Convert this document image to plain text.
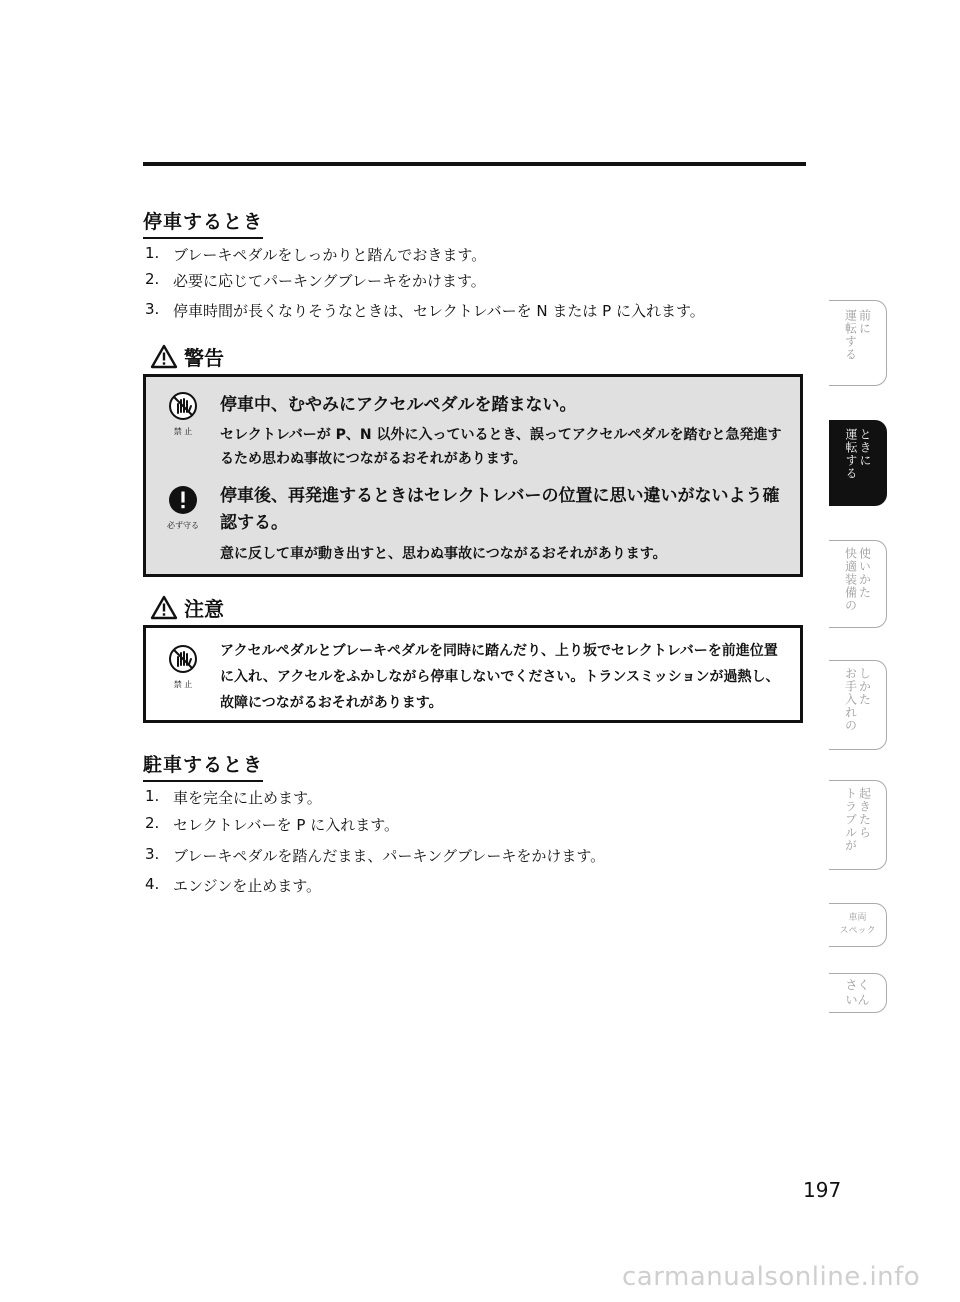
停車するとき
1. ブレーキペダルをしっかりと踏んでおきます。
2. 必要に応じてパーキングブレーキをかけます。
3. 停車時間が長くなりそうなときは、セレクトレバーを N または P に入れます。
警告
禁 止
停車中、むやみにアクセルペダルを踏まない。
セレクトレバーが P、N 以外に入っているとき、誤ってアクセルペダルを踏むと急発進するため思わぬ事故につながるおそれがあります。
必ず守る
停車後、再発進するときはセレクトレバーの位置に思い違いがないよう確認する。
意に反して車が動き出すと、思わぬ事故につながるおそれがあります。
注意
禁 止
アクセルペダルとブレーキペダルを同時に踏んだり、上り坂でセレクトレバーを前進位置に入れ、アクセルをふかしながら停車しないでください。トランスミッションが過熱し、故障につながるおそれがあります。
駐車するとき
1. 車を完全に止めます。
2. セレクトレバーを P に入れます。
3. ブレーキペダルを踏んだまま、パーキングブレーキをかけます。
4. エンジンを止めます。
運転する 前に
運転する ときに
快適装備の 使いかた
お手入れの しかた
トラブルが 起きたら
車両
スペック
さく
いん
197
carmanualsonline.info
